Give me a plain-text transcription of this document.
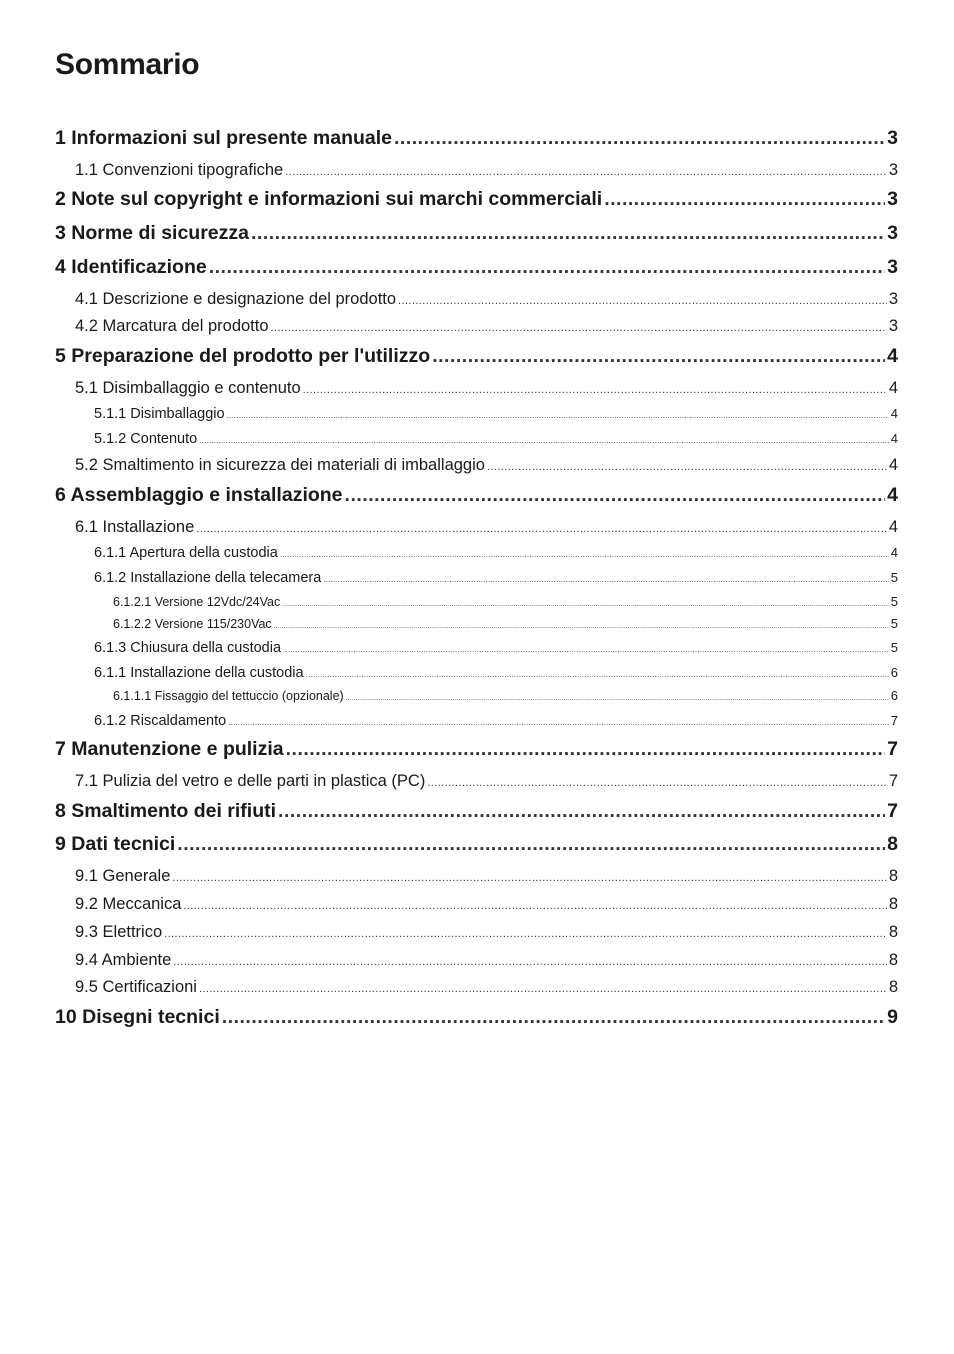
Sommario
1 Informazioni sul presente manuale .....	3
1.1 Convenzioni tipografiche .....	3
2 Note sul copyright e informazioni sui marchi commerciali .....	3
3 Norme di sicurezza .....	3
4 Identificazione .....	3
4.1 Descrizione e designazione del prodotto .....	3
4.2 Marcatura del prodotto .....	3
5 Preparazione del prodotto per l'utilizzo .....	4
5.1 Disimballaggio e contenuto .....	4
5.1.1 Disimballaggio .....	4
5.1.2 Contenuto .....	4
5.2 Smaltimento in sicurezza dei materiali di imballaggio .....	4
6 Assemblaggio e installazione .....	4
6.1 Installazione .....	4
6.1.1 Apertura della custodia .....	4
6.1.2 Installazione della telecamera .....	5
6.1.2.1 Versione 12Vdc/24Vac .....	5
6.1.2.2 Versione 115/230Vac .....	5
6.1.3 Chiusura della custodia .....	5
6.1.1 Installazione della custodia .....	6
6.1.1.1 Fissaggio del tettuccio (opzionale) .....	6
6.1.2 Riscaldamento .....	7
7 Manutenzione e pulizia .....	7
7.1 Pulizia del vetro e delle parti in plastica (PC) .....	7
8 Smaltimento dei rifiuti .....	7
9 Dati tecnici .....	8
9.1 Generale .....	8
9.2 Meccanica .....	8
9.3 Elettrico .....	8
9.4 Ambiente .....	8
9.5 Certificazioni .....	8
10 Disegni tecnici .....	9
